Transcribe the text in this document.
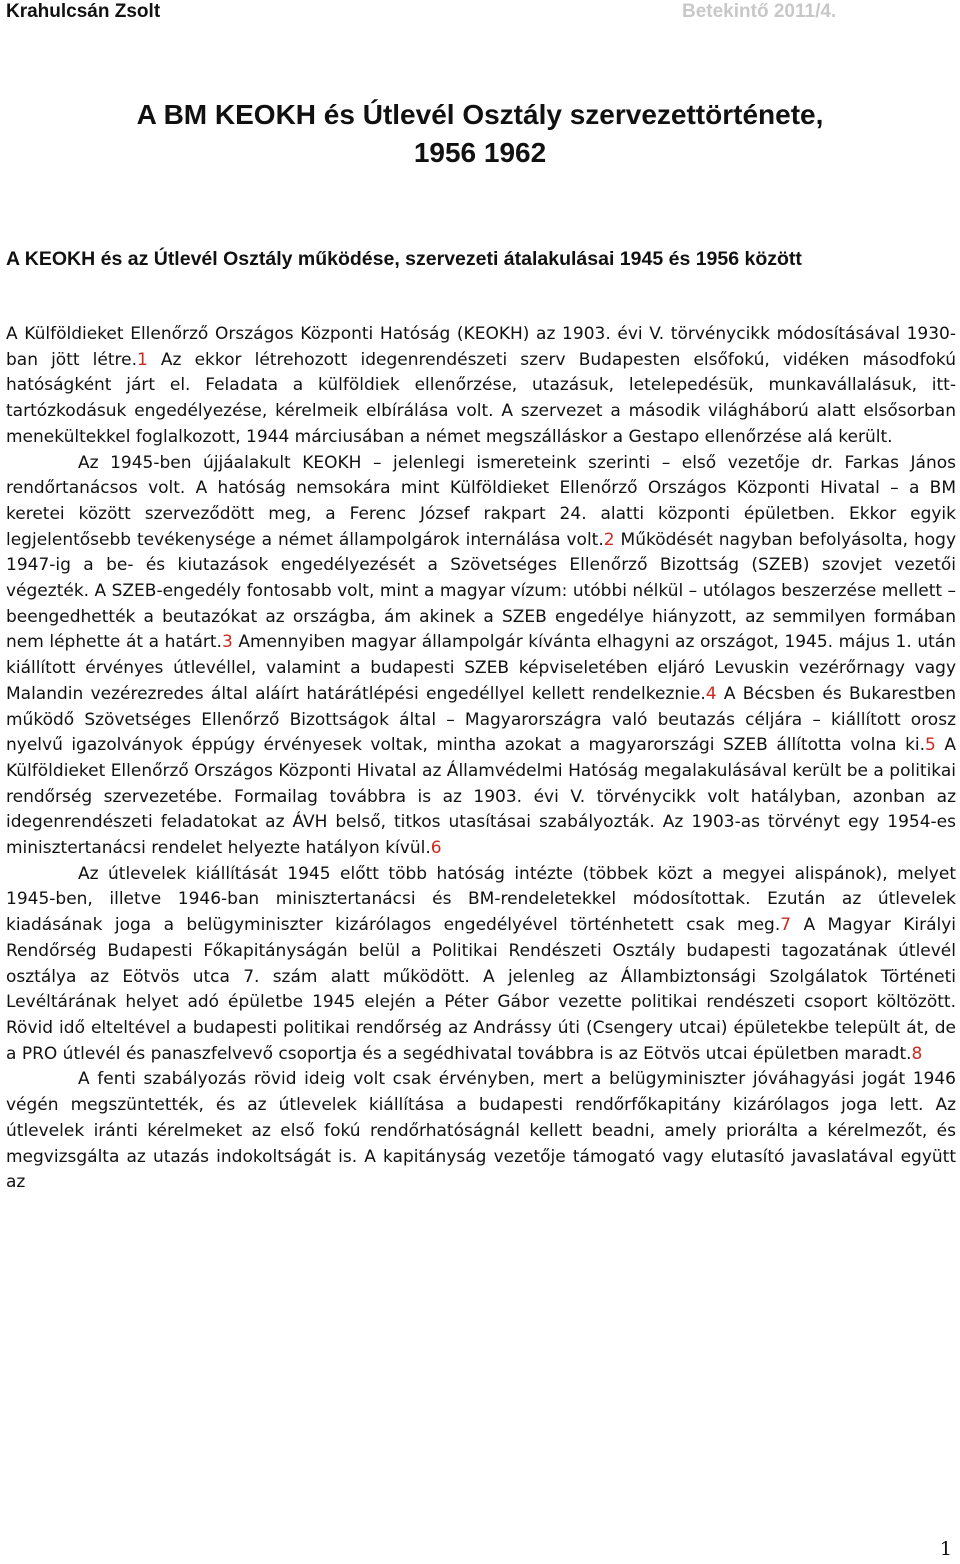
Krahulcsán Zsolt	Betekintő 2011/4.
A BM KEOKH és Útlevél Osztály szervezettörténete,
1956 1962
A KEOKH és az Útlevél Osztály működése, szervezeti átalakulásai 1945 és 1956 között

A Külföldieket Ellenőrző Országos Központi Hatóság (KEOKH) az 1903. évi V. törvénycikk módosításával 1930-ban jött létre.1 Az ekkor létrehozott idegenrendészeti szerv Budapesten elsőfokú, vidéken másodfokú hatóságként járt el. Feladata a külföldiek ellenőrzése, utazásuk, letelepedésük, munkavállalásuk, itt-tartózkodásuk engedélyezése, kérelmeik elbírálása volt. A szervezet a második világháború alatt elsősorban menekültekkel foglalkozott, 1944 márciusában a német megszálláskor a Gestapo ellenőrzése alá került.

Az 1945-ben újjáalakult KEOKH – jelenlegi ismereteink szerinti – első vezetője dr. Farkas János rendőrtanácsos volt. A hatóság nemsokára mint Külföldieket Ellenőrző Országos Központi Hivatal – a BM keretei között szerveződött meg, a Ferenc József rakpart 24. alatti központi épületben. Ekkor egyik legjelentősebb tevékenysége a német állampolgárok internálása volt.2 Működését nagyban befolyásolta, hogy 1947-ig a be- és kiutazások engedélyezését a Szövetséges Ellenőrző Bizottság (SZEB) szovjet vezetői végezték. A SZEB-engedély fontosabb volt, mint a magyar vízum: utóbbi nélkül – utólagos beszerzése mellett – beengedhették a beutazókat az országba, ám akinek a SZEB engedélye hiányzott, az semmilyen formában nem léphette át a határt.3 Amennyiben magyar állampolgár kívánta elhagyni az országot, 1945. május 1. után kiállított érvényes útlevéllel, valamint a budapesti SZEB képviseletében eljáró Levuskin vezérőrnagy vagy Malandin vezérezredes által aláírt határátlépési engedéllyel kellett rendelkeznie.4 A Bécsben és Bukarestben működő Szövetséges Ellenőrző Bizottságok által – Magyarországra való beutazás céljára – kiállított orosz nyelvű igazolványok éppúgy érvényesek voltak, mintha azokat a magyarországi SZEB állította volna ki.5 A Külföldieket Ellenőrző Országos Központi Hivatal az Államvédelmi Hatóság megalakulásával került be a politikai rendőrség szervezetébe. Formailag továbbra is az 1903. évi V. törvénycikk volt hatályban, azonban az idegenrendészeti feladatokat az ÁVH belső, titkos utasításai szabályozták. Az 1903-as törvényt egy 1954-es minisztertanácsi rendelet helyezte hatályon kívül.6

Az útlevelek kiállítását 1945 előtt több hatóság intézte (többek közt a megyei alispánok), melyet 1945-ben, illetve 1946-ban minisztertanácsi és BM-rendeletekkel módosítottak. Ezután az útlevelek kiadásának joga a belügyminiszter kizárólagos engedélyével történhetett csak meg.7 A Magyar Királyi Rendőrség Budapesti Főkapitányságán belül a Politikai Rendészeti Osztály budapesti tagozatának útlevél osztálya az Eötvös utca 7. szám alatt működött. A jelenleg az Állambiztonsági Szolgálatok Történeti Levéltárának helyet adó épületbe 1945 elején a Péter Gábor vezette politikai rendészeti csoport költözött. Rövid idő elteltével a budapesti politikai rendőrség az Andrássy úti (Csengery utcai) épületekbe települt át, de a PRO útlevél és panaszfelvevő csoportja és a segédhivatal továbbra is az Eötvös utcai épületben maradt.8

A fenti szabályozás rövid ideig volt csak érvényben, mert a belügyminiszter jóváhagyási jogát 1946 végén megszüntették, és az útlevelek kiállítása a budapesti rendőrfőkapitány kizárólagos joga lett. Az útlevelek iránti kérelmeket az első fokú rendőrhatóságnál kellett beadni, amely priorálta a kérelmezőt, és megvizsgálta az utazás indokoltságát is. A kapitányság vezetője támogató vagy elutasító javaslatával együtt az

1
